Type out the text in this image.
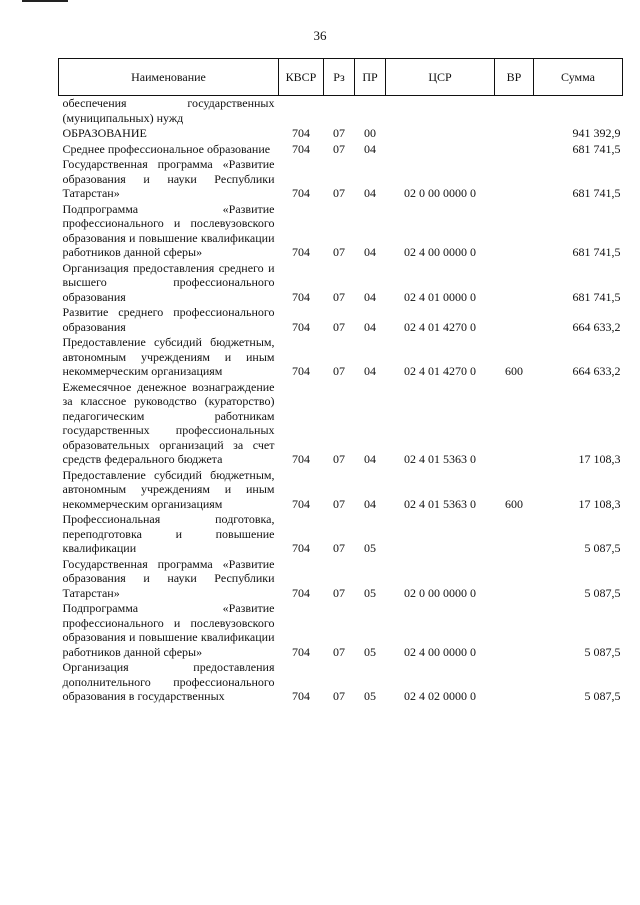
36
Наименование	КВСР	Рз	ПР	ЦСР	ВР	Сумма
обеспечения государственных (муниципальных) нужд						
ОБРАЗОВАНИЕ	704	07	00			941 392,9
Среднее профессиональное образование	704	07	04			681 741,5
Государственная программа «Развитие образования и науки Республики Татарстан»	704	07	04	02 0 00 0000 0		681 741,5
Подпрограмма «Развитие профессионального и послевузовского образования и повышение квалификации работников данной сферы»	704	07	04	02 4 00 0000 0		681 741,5
Организация предоставления среднего и высшего профессионального образования	704	07	04	02 4 01 0000 0		681 741,5
Развитие среднего профессионального образования	704	07	04	02 4 01 4270 0		664 633,2
Предоставление субсидий бюджетным, автономным учреждениям и иным некоммерческим организациям	704	07	04	02 4 01 4270 0	600	664 633,2
Ежемесячное денежное вознаграждение за классное руководство (кураторство) педагогическим работникам государственных профессиональных образовательных организаций за счет средств федерального бюджета	704	07	04	02 4 01 5363 0		17 108,3
Предоставление субсидий бюджетным, автономным учреждениям и иным некоммерческим организациям	704	07	04	02 4 01 5363 0	600	17 108,3
Профессиональная подготовка, переподготовка и повышение квалификации	704	07	05			5 087,5
Государственная программа «Развитие образования и науки Республики Татарстан»	704	07	05	02 0 00 0000 0		5 087,5
Подпрограмма «Развитие профессионального и послевузовского образования и повышение квалификации работников данной сферы»	704	07	05	02 4 00 0000 0		5 087,5
Организация предоставления дополнительного профессионального образования в государственных	704	07	05	02 4 02 0000 0		5 087,5
